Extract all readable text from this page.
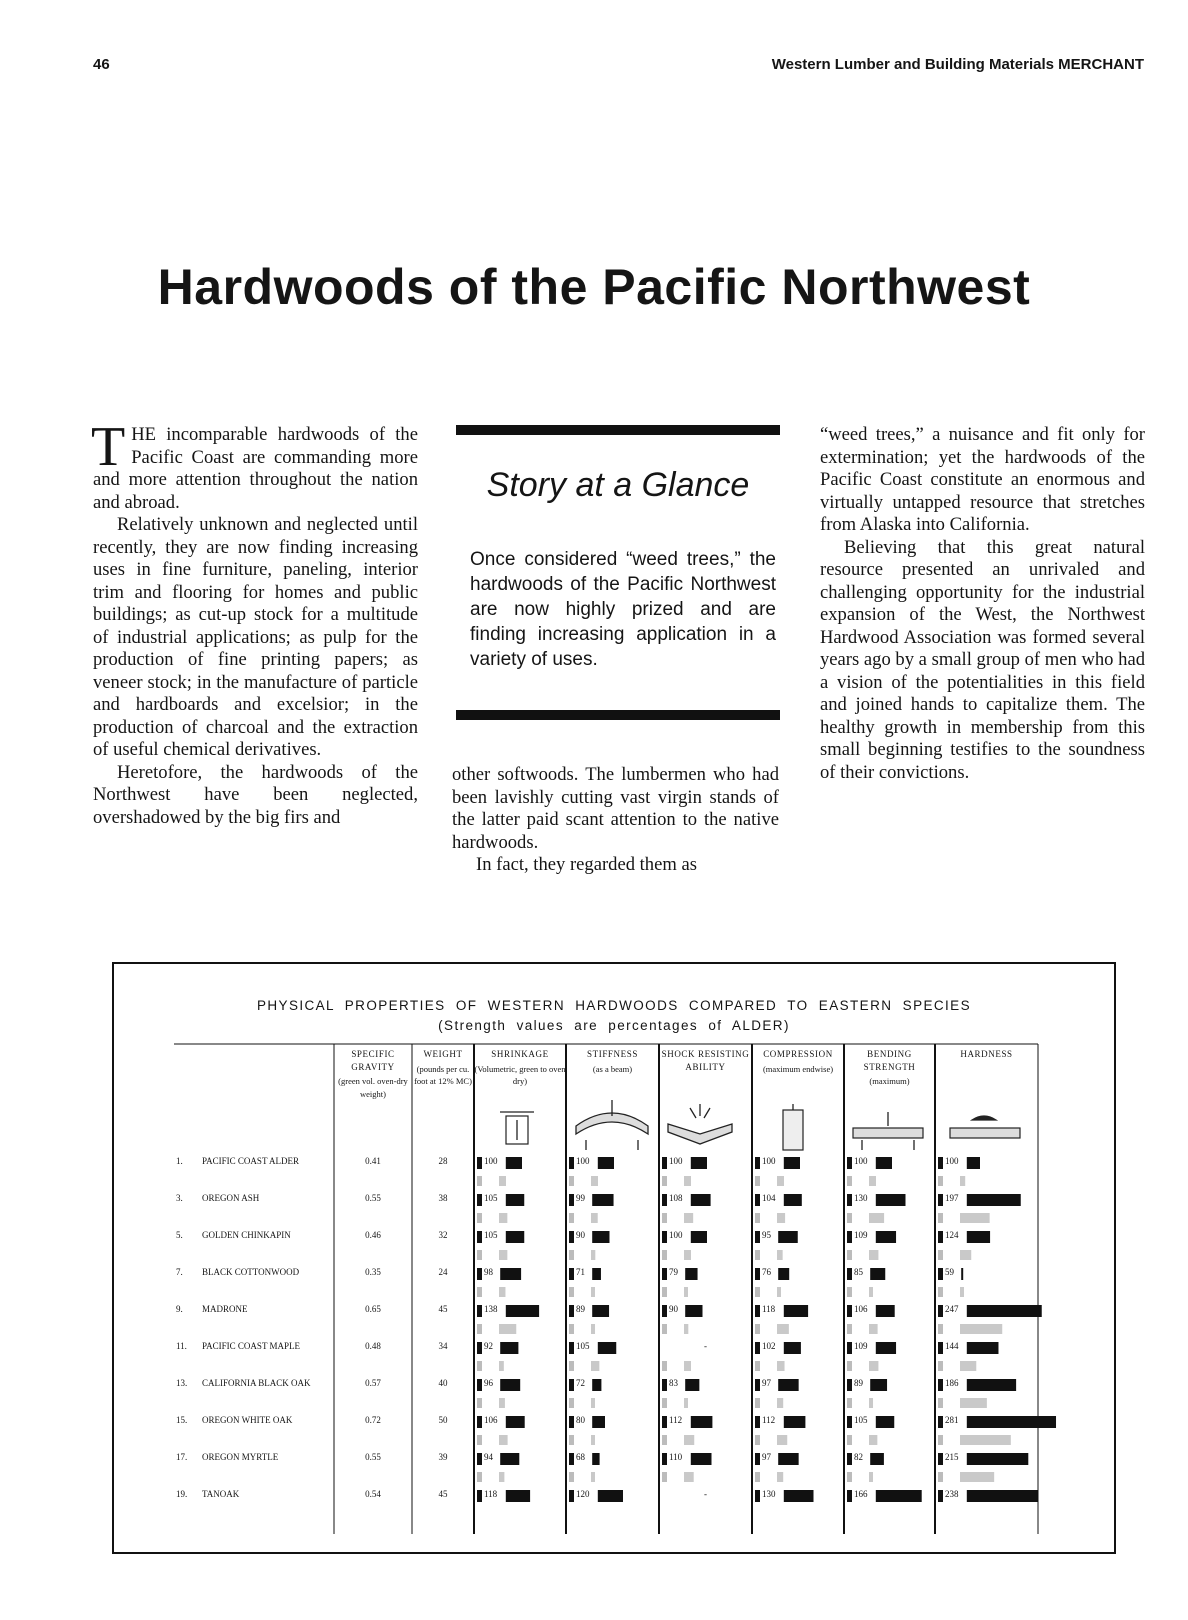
46	Western Lumber and Building Materials MERCHANT
Hardwoods of the Pacific Northwest

THE incomparable hardwoods of the Pacific Coast are commanding more and more attention throughout the nation and abroad.

Relatively unknown and neglected until recently, they are now finding increasing uses in fine furniture, paneling, interior trim and flooring for homes and public buildings; as cut-up stock for a multitude of industrial applications; as pulp for the production of fine printing papers; as veneer stock; in the manufacture of particle and hardboards and excelsior; in the production of charcoal and the extraction of useful chemical derivatives.

Heretofore, the hardwoods of the Northwest have been neglected, overshadowed by the big firs and

Story at a Glance
Once considered “weed trees,” the hardwoods of the Pacific Northwest are now highly prized and are finding increasing application in a variety of uses.

other softwoods. The lumbermen who had been lavishly cutting vast virgin stands of the latter paid scant attention to the native hardwoods.

In fact, they regarded them as

“weed trees,” a nuisance and fit only for extermination; yet the hardwoods of the Pacific Coast constitute an enormous and virtually untapped resource that stretches from Alaska into California.

Believing that this great natural resource presented an unrivaled and challenging opportunity for the industrial expansion of the West, the Northwest Hardwood Association was formed several years ago by a small group of men who had a vision of the potentialities in this field and joined hands to capitalize them. The healthy growth in membership from this small beginning testifies to the soundness of their convictions.

PHYSICAL  PROPERTIES  OF  WESTERN  HARDWOODS  COMPARED  TO  EASTERN  SPECIES
(Strength  values  are  percentages  of  ALDER)
SPECIFIC GRAVITY
(green vol. oven-dry weight)
WEIGHT
(pounds per cu. foot at 12% MC)
SHRINKAGE
(Volumetric, green to oven dry)
STIFFNESS
(as a beam)
SHOCK RESISTING ABILITY
COMPRESSION
(maximum endwise)
BENDING STRENGTH
(maximum)
HARDNESS
1. PACIFIC COAST ALDER	0.41	28	100	100	100	100	100	100
3. OREGON ASH	0.55	38	105	99	108	104	130	197
5. GOLDEN CHINKAPIN	0.46	32	105	90	100	95	109	124
7. BLACK COTTONWOOD	0.35	24	98	71	79	76	85	59
9. MADRONE	0.65	45	138	89	90	118	106	247
11. PACIFIC COAST MAPLE	0.48	34	92	105	-	102	109	144
13. CALIFORNIA BLACK OAK	0.57	40	96	72	83	97	89	186
15. OREGON WHITE OAK	0.72	50	106	80	112	112	105	281
17. OREGON MYRTLE	0.55	39	94	68	110	97	82	215
19. TANOAK	0.54	45	118	120	-	130	166	238
